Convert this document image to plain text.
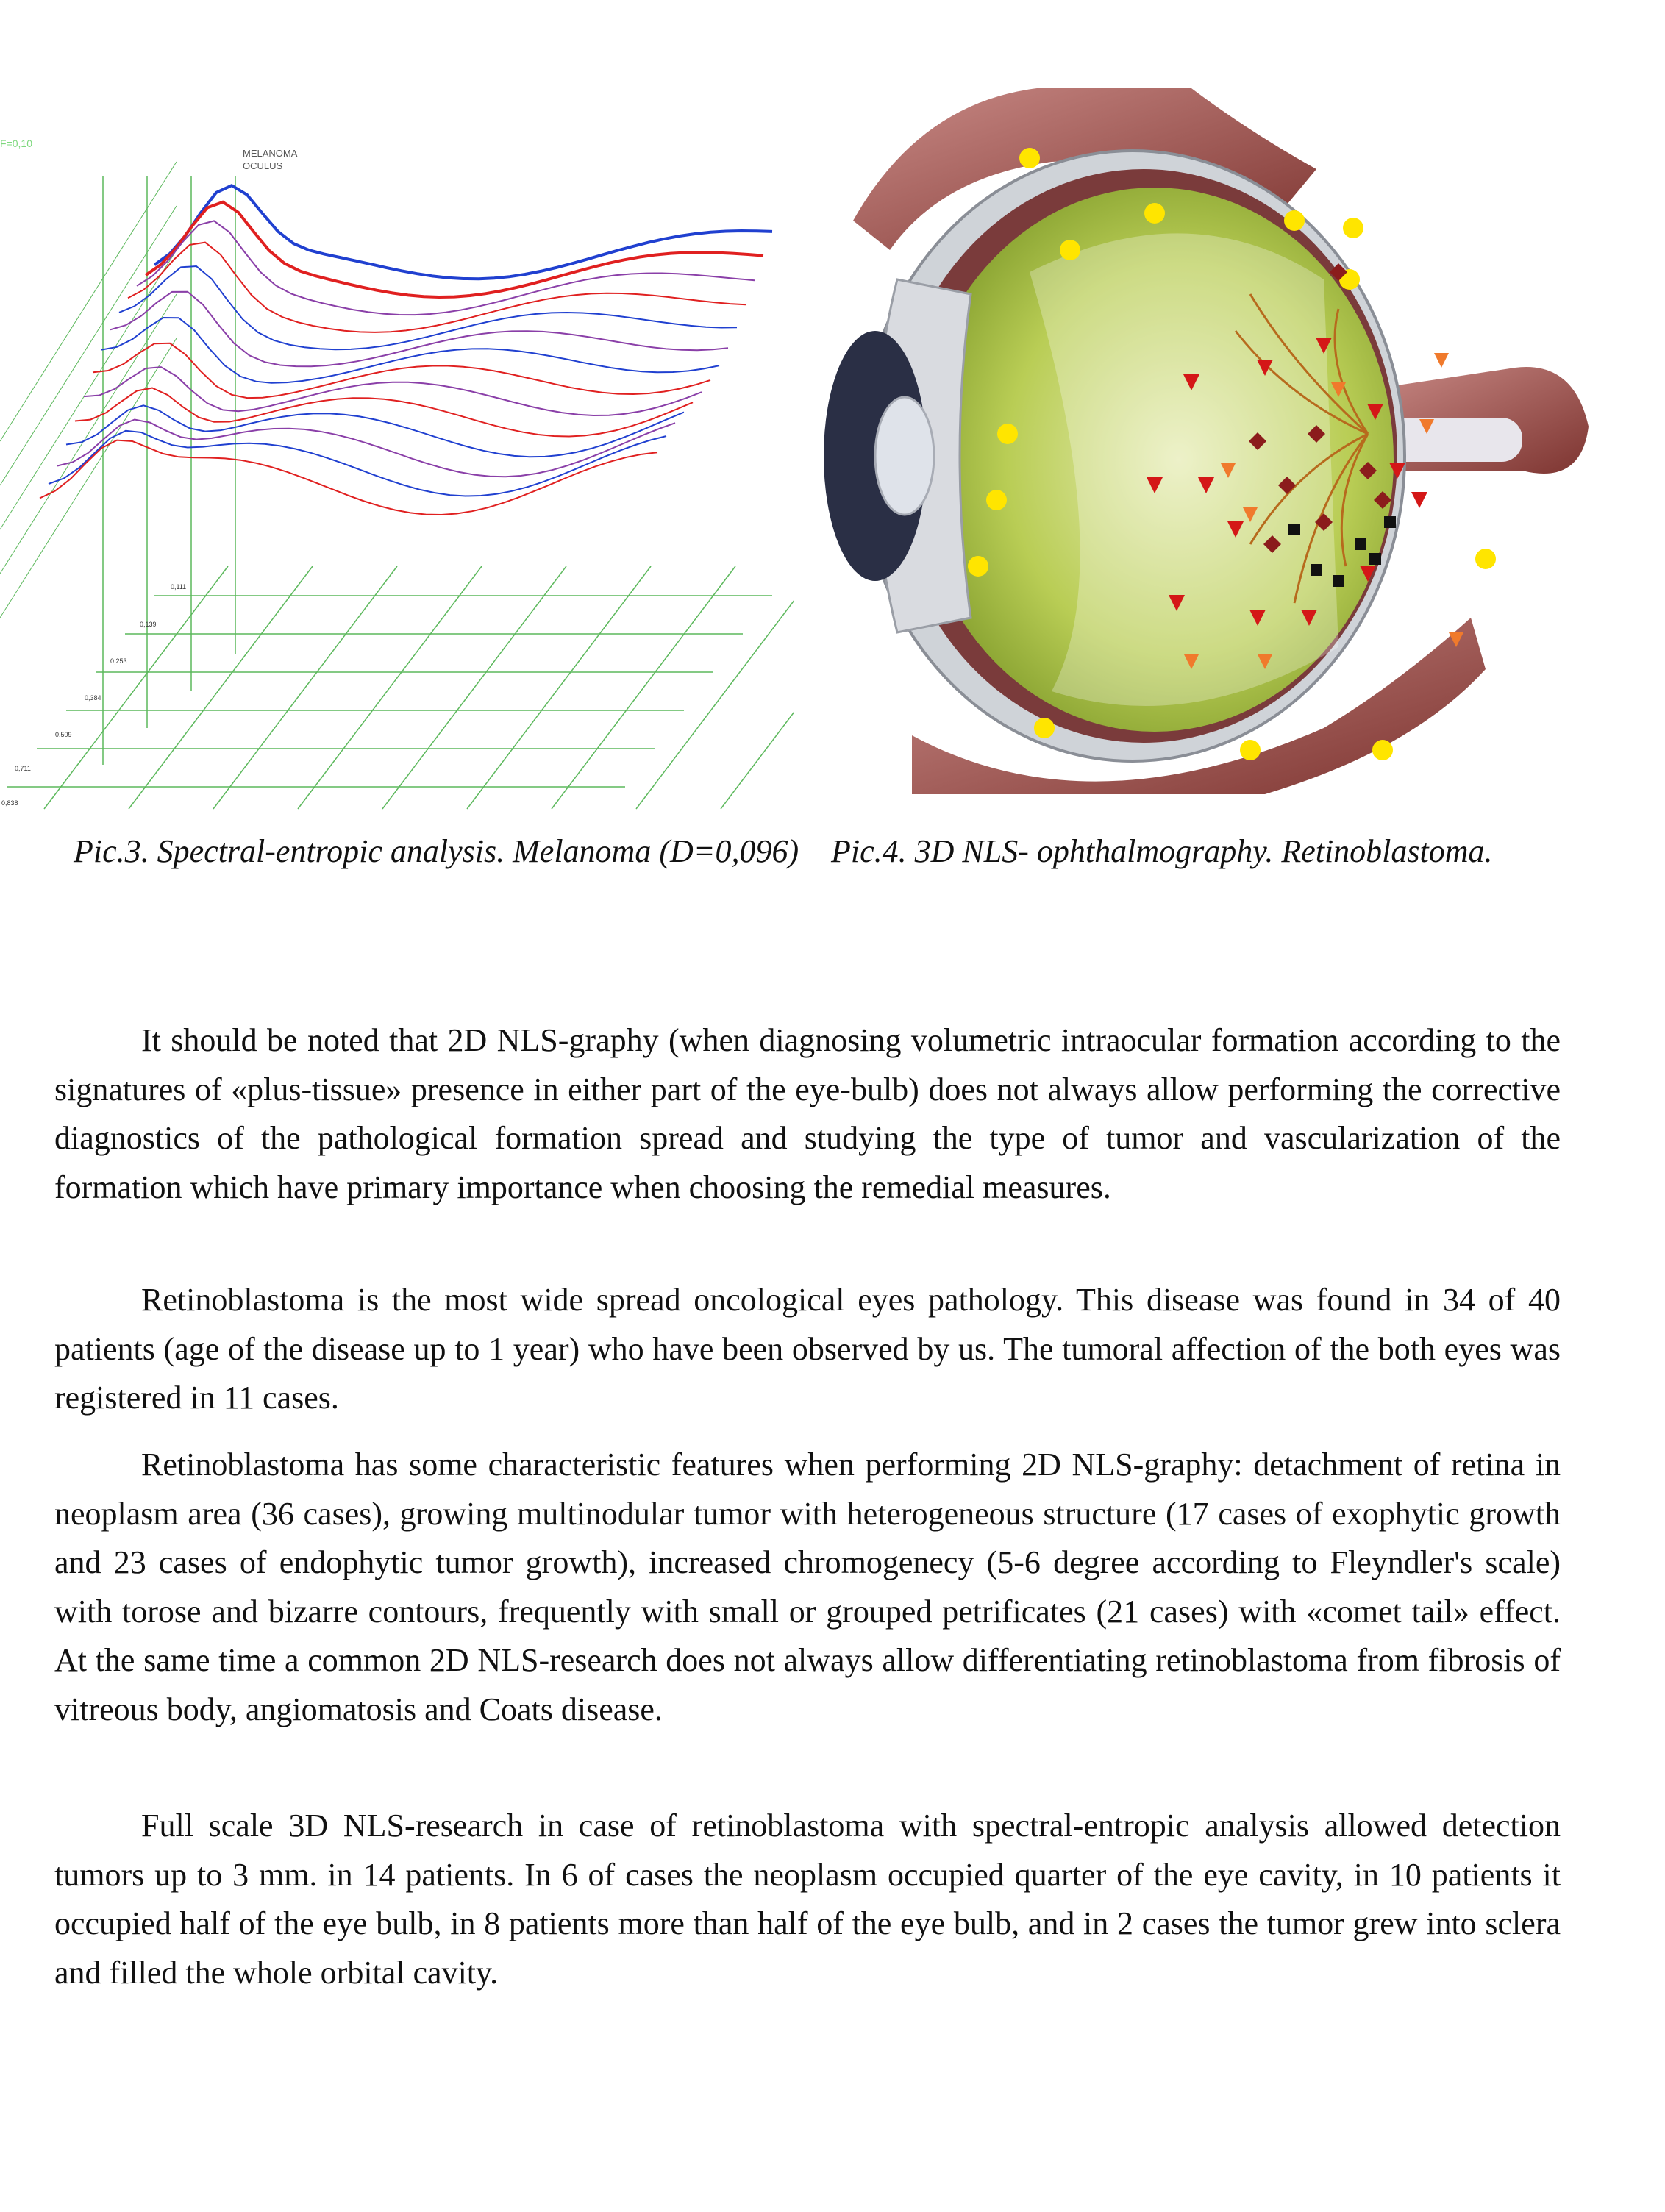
F=0,10
MELANOMA
OCULUS
0,111
0,139
0,253
0,384
0,509
0,711
0,838

Pic.3. Spectral-entropic analysis. Melanoma (D=0,096) Pic.4. 3D NLS- ophthalmography. Retinoblastoma.

It should be noted that 2D NLS-graphy (when diagnosing volumetric intraocular formation according to the signatures of «plus-tissue» presence in either part of the eye-bulb) does not always allow performing the corrective diagnostics of the pathological formation spread and studying the type of tumor and vascularization of the formation which have primary importance when choosing the remedial measures.

Retinoblastoma is the most wide spread oncological eyes pathology. This disease was found in 34 of 40 patients (age of the disease up to 1 year) who have been observed by us. The tumoral affection of the both eyes was registered in 11 cases.

Retinoblastoma has some characteristic features when performing 2D NLS-graphy: detachment of retina in neoplasm area (36 cases), growing multinodular tumor with heterogeneous structure (17 cases of exophytic growth and 23 cases of endophytic tumor growth), increased chromogenecy (5-6 degree according to Fleyndler's scale) with torose and bizarre contours, frequently with small or grouped petrificates (21 cases) with «comet tail» effect. At the same time a common 2D NLS-research does not always allow differentiating retinoblastoma from fibrosis of vitreous body, angiomatosis and Coats disease.

Full scale 3D NLS-research in case of retinoblastoma with spectral-entropic analysis allowed detection tumors up to 3 mm. in 14 patients. In 6 of cases the neoplasm occupied quarter of the eye cavity, in 10 patients it occupied half of the eye bulb, in 8 patients more than half of the eye bulb, and in 2 cases the tumor grew into sclera and filled the whole orbital cavity.
